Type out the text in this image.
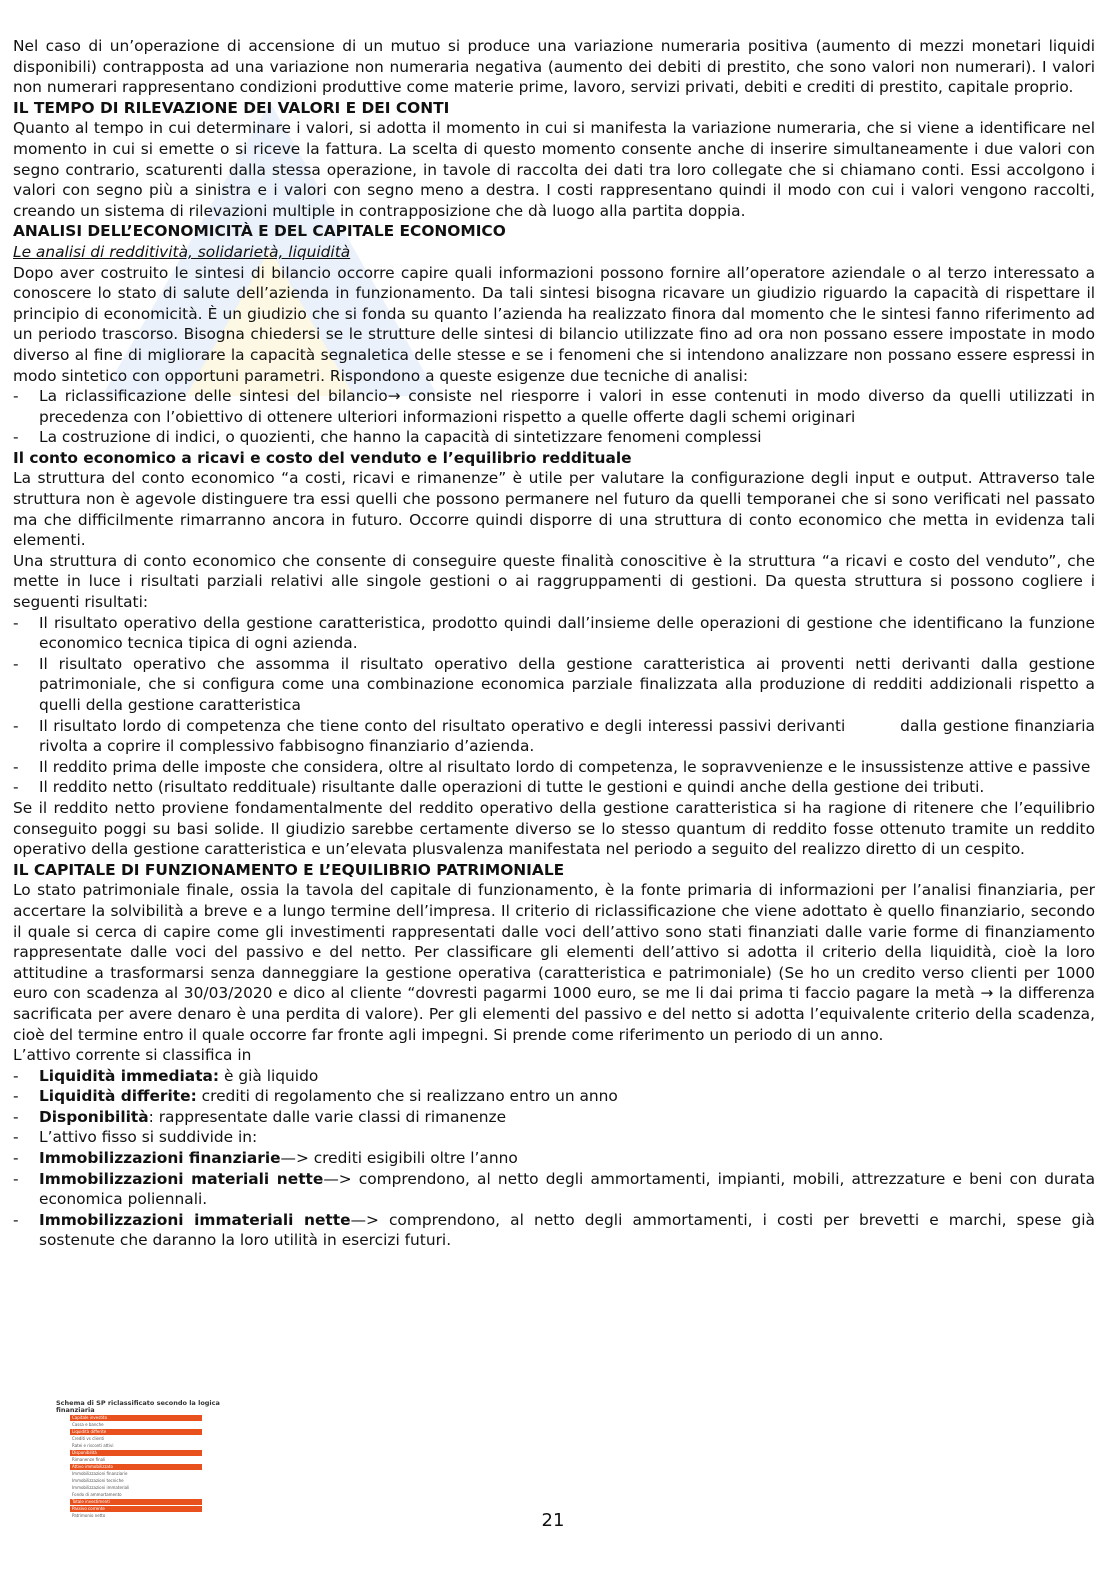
Nel caso di un’operazione di accensione di un mutuo si produce una variazione numeraria positiva (aumento di mezzi monetari liquidi disponibili) contrapposta ad una variazione non numeraria negativa (aumento dei debiti di prestito, che sono valori non numerari). I valori non numerari rappresentano condizioni produttive come materie prime, lavoro, servizi privati, debiti e crediti di prestito, capitale proprio.

IL TEMPO DI RILEVAZIONE DEI VALORI E DEI CONTI

Quanto al tempo in cui determinare i valori, si adotta il momento in cui si manifesta la variazione numeraria, che si viene a identificare nel momento in cui si emette o si riceve la fattura. La scelta di questo momento consente anche di inserire simultaneamente i due valori con segno contrario, scaturenti dalla stessa operazione, in tavole di raccolta dei dati tra loro collegate che si chiamano conti. Essi accolgono i valori con segno più a sinistra e i valori con segno meno a destra. I costi rappresentano quindi il modo con cui i valori vengono raccolti, creando un sistema di rilevazioni multiple in contrapposizione che dà luogo alla partita doppia.

ANALISI DELL’ECONOMICITÀ E DEL CAPITALE ECONOMICO
Le analisi di redditività, solidarietà, liquidità

Dopo aver costruito le sintesi di bilancio occorre capire quali informazioni possono fornire all’operatore aziendale o al terzo interessato a conoscere lo stato di salute dell’azienda in funzionamento. Da tali sintesi bisogna ricavare un giudizio riguardo la capacità di rispettare il principio di economicità. È un giudizio che si fonda su quanto l’azienda ha realizzato finora dal momento che le sintesi fanno riferimento ad un periodo trascorso. Bisogna chiedersi se le strutture delle sintesi di bilancio utilizzate fino ad ora non possano essere impostate in modo diverso al fine di migliorare la capacità segnaletica delle stesse e se i fenomeni che si intendono analizzare non possano essere espressi in modo sintetico con opportuni parametri. Rispondono a queste esigenze due tecniche di analisi:

- La riclassificazione delle sintesi del bilancio→ consiste nel riesporre i valori in esse contenuti in modo diverso da quelli utilizzati in precedenza con l’obiettivo di ottenere ulteriori informazioni rispetto a quelle offerte dagli schemi originari
- La costruzione di indici, o quozienti, che hanno la capacità di sintetizzare fenomeni complessi
Il conto economico a ricavi e costo del venduto e l’equilibrio reddituale

La struttura del conto economico “a costi, ricavi e rimanenze” è utile per valutare la configurazione degli input e output. Attraverso tale struttura non è agevole distinguere tra essi quelli che possono permanere nel futuro da quelli temporanei che si sono verificati nel passato ma che difficilmente rimarranno ancora in futuro. Occorre quindi disporre di una struttura di conto economico che metta in evidenza tali elementi.

Una struttura di conto economico che consente di conseguire queste finalità conoscitive è la struttura “a ricavi e costo del venduto”, che mette in luce i risultati parziali relativi alle singole gestioni o ai raggruppamenti di gestioni. Da questa struttura si possono cogliere i seguenti risultati:

- Il risultato operativo della gestione caratteristica, prodotto quindi dall’insieme delle operazioni di gestione che identificano la funzione economico tecnica tipica di ogni azienda.
- Il risultato operativo che assomma il risultato operativo della gestione caratteristica ai proventi netti derivanti dalla gestione patrimoniale, che si configura come una combinazione economica parziale finalizzata alla produzione di redditi addizionali rispetto a quelli della gestione caratteristica
- Il risultato lordo di competenza che tiene conto del risultato operativo e degli interessi passivi derivanti          dalla gestione finanziaria rivolta a coprire il complessivo fabbisogno finanziario d’azienda.
- Il reddito prima delle imposte che considera, oltre al risultato lordo di competenza, le sopravvenienze e le insussistenze attive e passive
- Il reddito netto (risultato reddituale) risultante dalle operazioni di tutte le gestioni e quindi anche della gestione dei tributi.

Se il reddito netto proviene fondamentalmente del reddito operativo della gestione caratteristica si ha ragione di ritenere che l’equilibrio conseguito poggi su basi solide. Il giudizio sarebbe certamente diverso se lo stesso quantum di reddito fosse ottenuto tramite un reddito operativo della gestione caratteristica e un’elevata plusvalenza manifestata nel periodo a seguito del realizzo diretto di un cespito.

IL CAPITALE DI FUNZIONAMENTO E L’EQUILIBRIO PATRIMONIALE

Lo stato patrimoniale finale, ossia la tavola del capitale di funzionamento, è la fonte primaria di informazioni per l’analisi finanziaria, per accertare la solvibilità a breve e a lungo termine dell’impresa. Il criterio di riclassificazione che viene adottato è quello finanziario, secondo il quale si cerca di capire come gli investimenti rappresentati dalle voci dell’attivo sono stati finanziati dalle varie forme di finanziamento rappresentate dalle voci del passivo e del netto. Per classificare gli elementi dell’attivo si adotta il criterio della liquidità, cioè la loro attitudine a trasformarsi senza danneggiare la gestione operativa (caratteristica e patrimoniale) (Se ho un credito verso clienti per 1000 euro con scadenza al 30/03/2020 e dico al cliente “dovresti pagarmi 1000 euro, se me li dai prima ti faccio pagare la metà → la differenza sacrificata per avere denaro è una perdita di valore). Per gli elementi del passivo e del netto si adotta l’equivalente criterio della scadenza, cioè del termine entro il quale occorre far fronte agli impegni. Si prende come riferimento un periodo di un anno.

L’attivo corrente si classifica in

- Liquidità immediata: è già liquido
- Liquidità differite: crediti di regolamento che si realizzano entro un anno
- Disponibilità: rappresentate dalle varie classi di rimanenze
- L’attivo fisso si suddivide in:
- Immobilizzazioni finanziarie—> crediti esigibili oltre l’anno
- Immobilizzazioni materiali nette—> comprendono, al netto degli ammortamenti, impianti, mobili, attrezzature e beni con durata economica poliennali.
- Immobilizzazioni immateriali nette—> comprendono, al netto degli ammortamenti, i costi per brevetti e marchi, spese già sostenute che daranno la loro utilità in esercizi futuri.
Schema di SP riclassificato secondo la logica finanziaria
Capitale investito
Cassa e banche
Liquidità differite
Crediti vs clienti
Ratei e risconti attivi
Disponibilità
Rimanenze finali
Attivo immobilizzato
Immobilizzazioni finanziarie
Immobilizzazioni tecniche
Immobilizzazioni immateriali
Fondo di ammortamento
Totale investimenti
Passivo corrente
Patrimonio netto	21
